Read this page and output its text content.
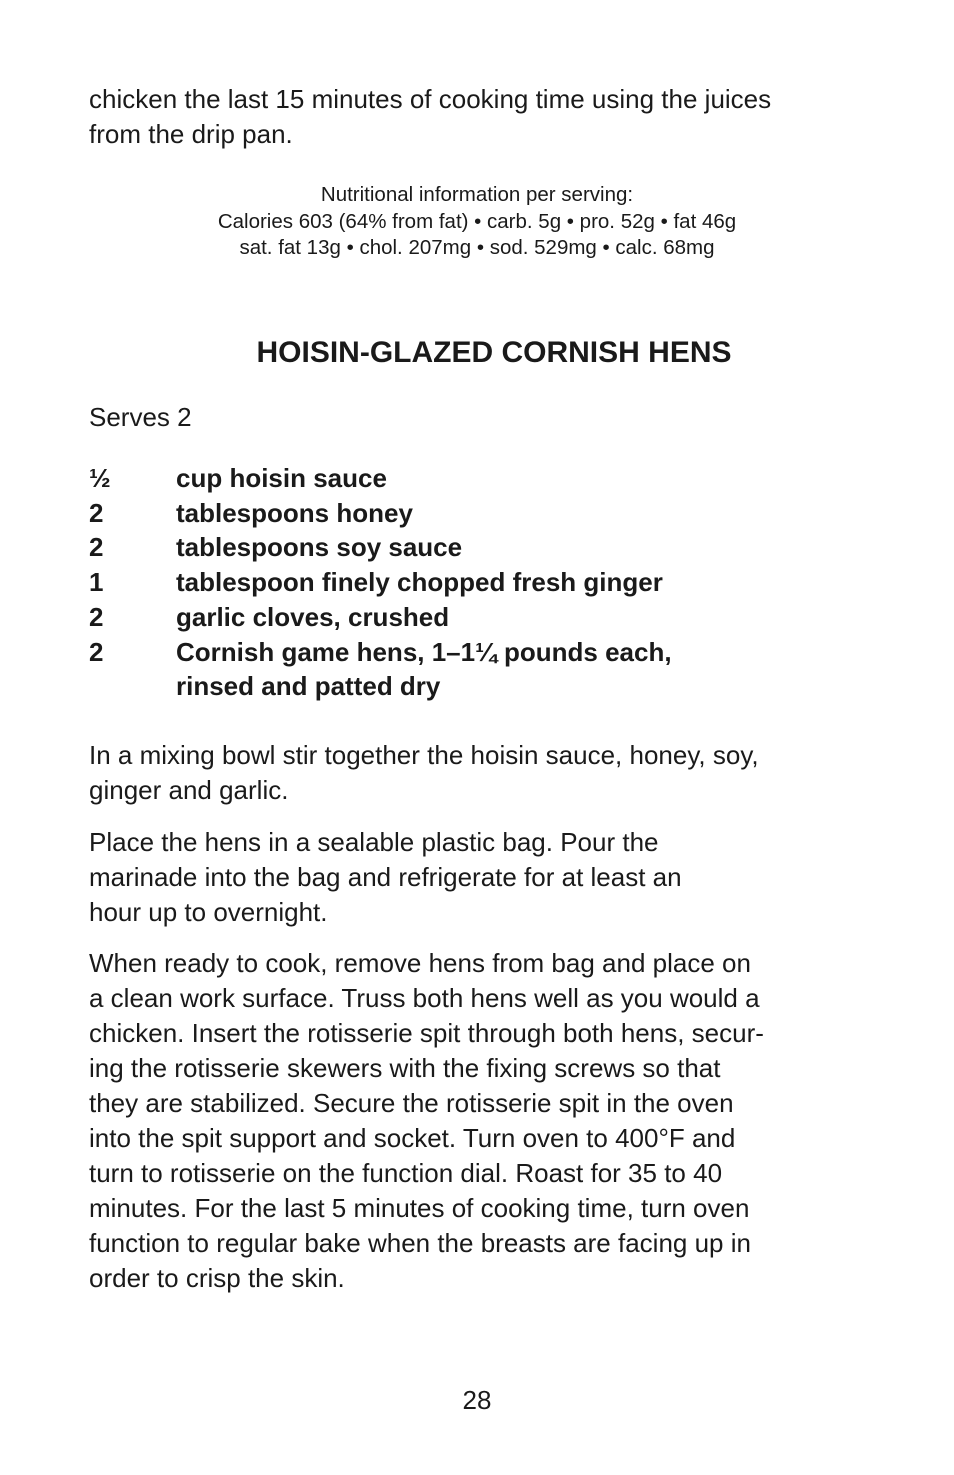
chicken the last 15 minutes of cooking time using the juices
from the drip pan.

Nutritional information per serving:
Calories 603 (64% from fat) • carb. 5g • pro. 52g • fat 46g
sat. fat 13g • chol. 207mg • sod. 529mg • calc. 68mg
HOISIN-GLAZED CORNISH HENS

Serves 2

½	cup hoisin sauce
2	tablespoons honey
2	tablespoons soy sauce
1	tablespoon finely chopped fresh ginger
2	garlic cloves, crushed
2	Cornish game hens, 1–1¼ pounds each,
rinsed and patted dry

In a mixing bowl stir together the hoisin sauce, honey, soy,
ginger and garlic.

Place the hens in a sealable plastic bag. Pour the
marinade into the bag and refrigerate for at least an
hour up to overnight.

When ready to cook, remove hens from bag and place on
a clean work surface. Truss both hens well as you would a
chicken. Insert the rotisserie spit through both hens, secur-
ing the rotisserie skewers with the fixing screws so that
they are stabilized. Secure the rotisserie spit in the oven
into the spit support and socket. Turn oven to 400°F and
turn to rotisserie on the function dial. Roast for 35 to 40
minutes. For the last 5 minutes of cooking time, turn oven
function to regular bake when the breasts are facing up in
order to crisp the skin.

28
